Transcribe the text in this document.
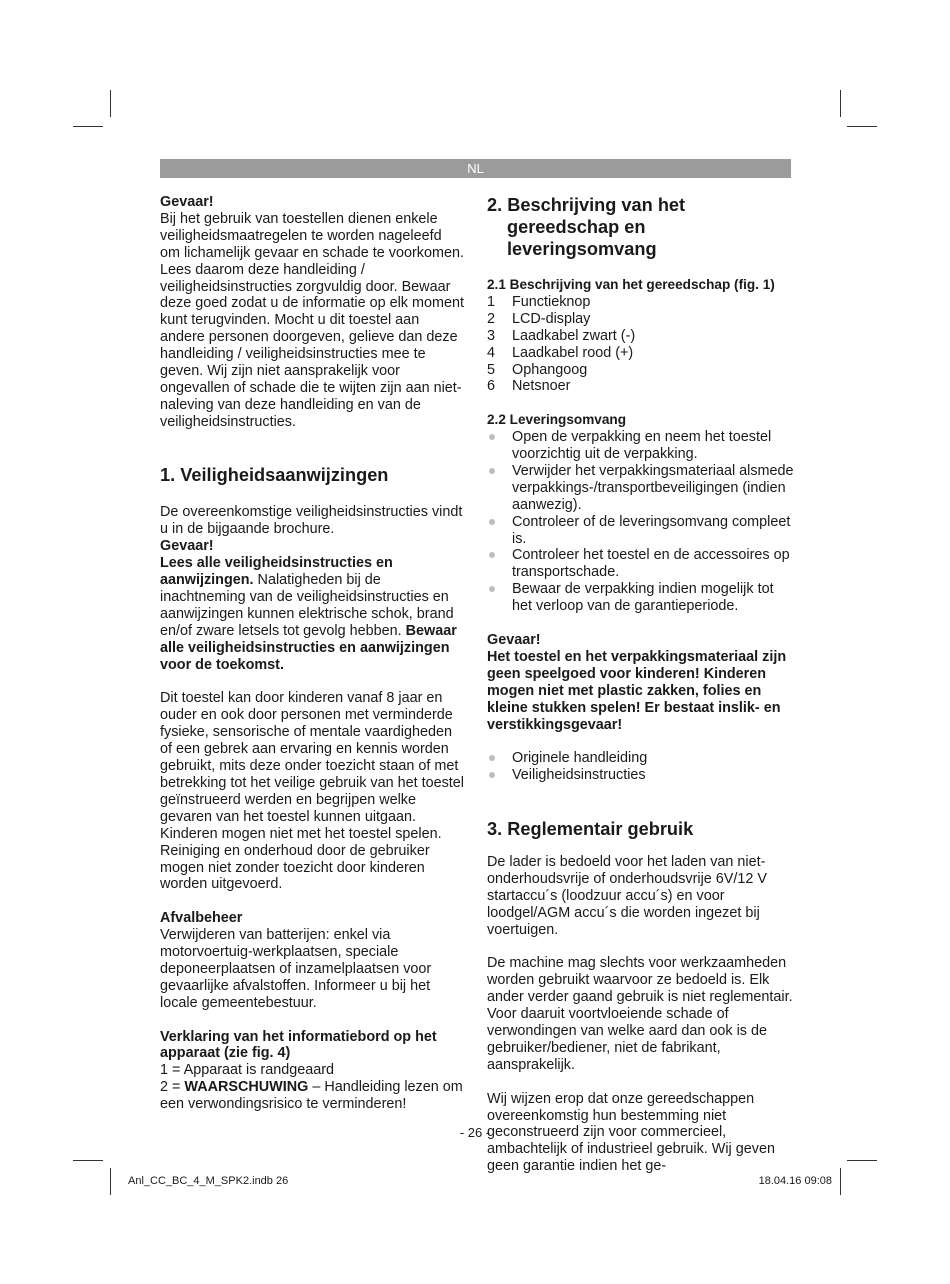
NL

Gevaar!

Bij het gebruik van toestellen dienen enkele veiligheidsmaatregelen te worden nageleefd om lichamelijk gevaar en schade te voorkomen. Lees daarom deze handleiding / veiligheidsinstructies zorgvuldig door. Bewaar deze goed zodat u de informatie op elk moment kunt terugvinden. Mocht u dit toestel aan andere personen doorgeven, gelieve dan deze handleiding / veiligheidsinstructies mee te geven. Wij zijn niet aansprakelijk voor ongevallen of schade die te wijten zijn aan niet-naleving van deze handleiding en van de veiligheidsinstructies.

1. Veiligheidsaanwijzingen

De overeenkomstige veiligheidsinstructies vindt u in de bijgaande brochure.

Gevaar!

Lees alle veiligheidsinstructies en aanwijzingen. Nalatigheden bij de inachtneming van de veiligheidsinstructies en aanwijzingen kunnen elektrische schok, brand en/of zware letsels tot gevolg hebben. Bewaar alle veiligheidsinstructies en aanwijzingen voor de toekomst.

Dit toestel kan door kinderen vanaf 8 jaar en ouder en ook door personen met verminderde fysieke, sensorische of mentale vaardigheden of een gebrek aan ervaring en kennis worden gebruikt, mits deze onder toezicht staan of met betrekking tot het veilige gebruik van het toestel geïnstrueerd werden en begrijpen welke gevaren van het toestel kunnen uitgaan. Kinderen mogen niet met het toestel spelen. Reiniging en onderhoud door de gebruiker mogen niet zonder toezicht door kinderen worden uitgevoerd.

Afvalbeheer

Verwijderen van batterijen: enkel via motorvoertuig-werkplaatsen, speciale deponeerplaatsen of inzamelplaatsen voor gevaarlijke afvalstoffen. Informeer u bij het locale gemeentebestuur.

Verklaring van het informatiebord op het apparaat (zie fig. 4)

1 = Apparaat is randgeaard

2 = WAARSCHUWING – Handleiding lezen om een verwondingsrisico te verminderen!

2. Beschrijving van het gereedschap en leveringsomvang

2.1 Beschrijving van het gereedschap (fig. 1)

1 Functieknop
2 LCD-display
3 Laadkabel zwart (-)
4 Laadkabel rood (+)
5 Ophangoog
6 Netsnoer

2.2 Leveringsomvang

Open de verpakking en neem het toestel voorzichtig uit de verpakking.
Verwijder het verpakkingsmateriaal alsmede verpakkings-/transportbeveiligingen (indien aanwezig).
Controleer of de leveringsomvang compleet is.
Controleer het toestel en de accessoires op transportschade.
Bewaar de verpakking indien mogelijk tot het verloop van de garantieperiode.

Gevaar!

Het toestel en het verpakkingsmateriaal zijn geen speelgoed voor kinderen! Kinderen mogen niet met plastic zakken, folies en kleine stukken spelen! Er bestaat inslik- en verstikkingsgevaar!

Originele handleiding
Veiligheidsinstructies

3. Reglementair gebruik

De lader is bedoeld voor het laden van niet-onderhoudsvrije of onderhoudsvrije 6V/12 V startaccu´s (loodzuur accu´s) en voor loodgel/AGM accu´s die worden ingezet bij voertuigen.

De machine mag slechts voor werkzaamheden worden gebruikt waarvoor ze bedoeld is. Elk ander verder gaand gebruik is niet reglementair. Voor daaruit voortvloeiende schade of verwondingen van welke aard dan ook is de gebruiker/bediener, niet de fabrikant, aansprakelijk.

Wij wijzen erop dat onze gereedschappen overeenkomstig hun bestemming niet geconstrueerd zijn voor commercieel, ambachtelijk of industrieel gebruik. Wij geven geen garantie indien het ge-

- 26 -
Anl_CC_BC_4_M_SPK2.indb 26	18.04.16 09:08
